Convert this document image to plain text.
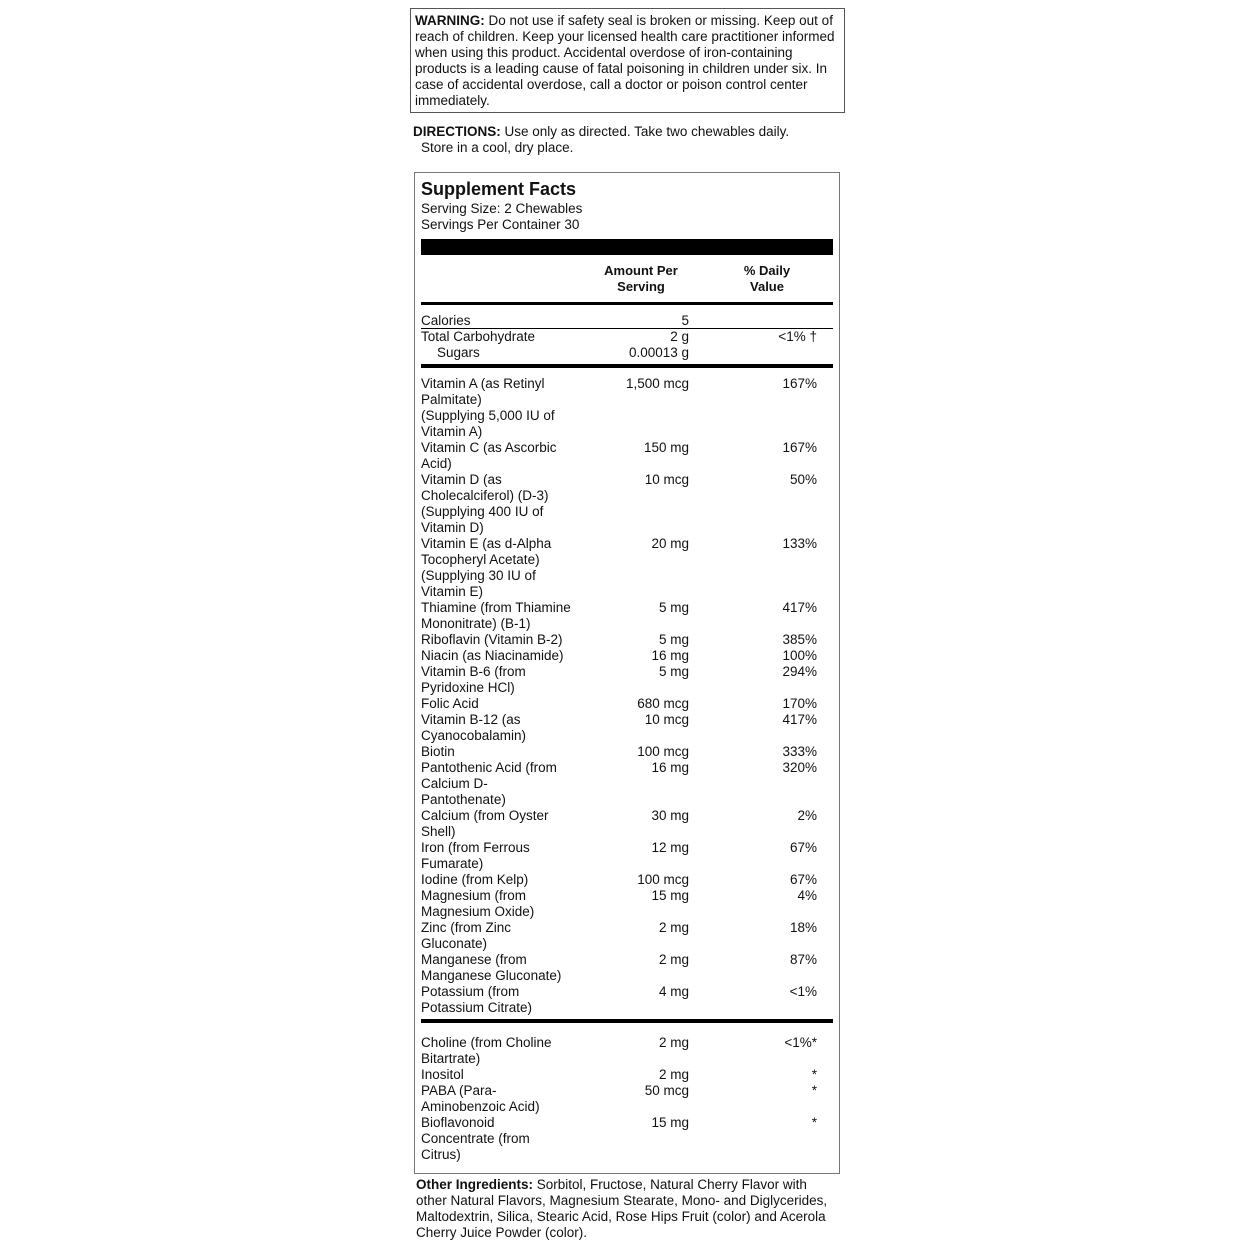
WARNING: Do not use if safety seal is broken or missing. Keep out of reach of children. Keep your licensed health care practitioner informed when using this product. Accidental overdose of iron-containing products is a leading cause of fatal poisoning in children under six. In case of accidental overdose, call a doctor or poison control center immediately.
DIRECTIONS: Use only as directed. Take two chewables daily.
Store in a cool, dry place.
Supplement Facts
Serving Size: 2 Chewables
Servings Per Container 30
Amount Per
Serving
% Daily
Value
Calories	5
Total Carbohydrate	2 g	<1% †
Sugars	0.00013 g
Vitamin A (as Retinyl
Palmitate)
(Supplying 5,000 IU of
Vitamin A)
1,500 mcg	167%
Vitamin C (as Ascorbic
Acid)
150 mg	167%
Vitamin D (as
Cholecalciferol) (D-3)
(Supplying 400 IU of
Vitamin D)
10 mcg	50%
Vitamin E (as d-Alpha
Tocopheryl Acetate)
(Supplying 30 IU of
Vitamin E)
20 mg	133%
Thiamine (from Thiamine
Mononitrate) (B-1)
5 mg	417%
Riboflavin (Vitamin B-2)	5 mg	385%
Niacin (as Niacinamide)	16 mg	100%
Vitamin B-6 (from
Pyridoxine HCl)
5 mg	294%
Folic Acid	680 mcg	170%
Vitamin B-12 (as
Cyanocobalamin)
10 mcg	417%
Biotin	100 mcg	333%
Pantothenic Acid (from
Calcium D-
Pantothenate)
16 mg	320%
Calcium (from Oyster
Shell)
30 mg	2%
Iron (from Ferrous
Fumarate)
12 mg	67%
Iodine (from Kelp)	100 mcg	67%
Magnesium (from
Magnesium Oxide)
15 mg	4%
Zinc (from Zinc
Gluconate)
2 mg	18%
Manganese (from
Manganese Gluconate)
2 mg	87%
Potassium (from
Potassium Citrate)
4 mg	<1%
Choline (from Choline
Bitartrate)
2 mg	<1%*
Inositol	2 mg	*
PABA (Para-
Aminobenzoic Acid)
50 mcg	*
Bioflavonoid
Concentrate (from
Citrus)
15 mg	*
Other Ingredients: Sorbitol, Fructose, Natural Cherry Flavor with other Natural Flavors, Magnesium Stearate, Mono- and Diglycerides, Maltodextrin, Silica, Stearic Acid, Rose Hips Fruit (color) and Acerola Cherry Juice Powder (color).
